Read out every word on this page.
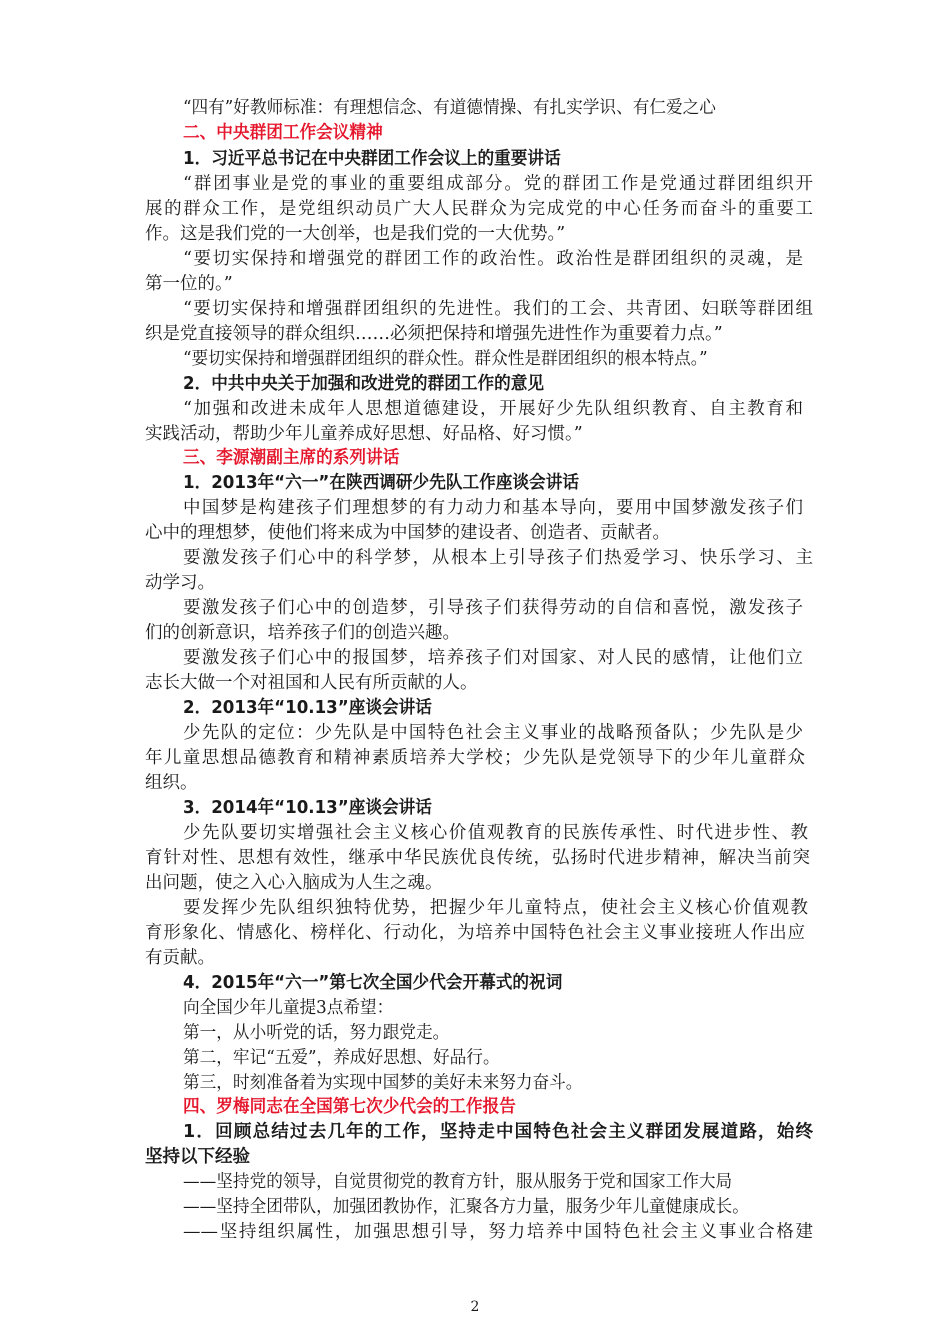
“四有”好教师标准：有理想信念、有道德情操、有扎实学识、有仁爱之心
二、中央群团工作会议精神
1．习近平总书记在中央群团工作会议上的重要讲话
“群团事业是党的事业的重要组成部分。党的群团工作是党通过群团组织开
展的群众工作，是党组织动员广大人民群众为完成党的中心任务而奋斗的重要工
作。这是我们党的一大创举，也是我们党的一大优势。”
“要切实保持和增强党的群团工作的政治性。政治性是群团组织的灵魂，是
第一位的。”
“要切实保持和增强群团组织的先进性。我们的工会、共青团、妇联等群团组
织是党直接领导的群众组织……必须把保持和增强先进性作为重要着力点。”
“要切实保持和增强群团组织的群众性。群众性是群团组织的根本特点。”
2．中共中央关于加强和改进党的群团工作的意见
“加强和改进未成年人思想道德建设，开展好少先队组织教育、自主教育和
实践活动，帮助少年儿童养成好思想、好品格、好习惯。”
三、李源潮副主席的系列讲话
1．2013年“六一”在陕西调研少先队工作座谈会讲话
中国梦是构建孩子们理想梦的有力动力和基本导向，要用中国梦激发孩子们
心中的理想梦，使他们将来成为中国梦的建设者、创造者、贡献者。
要激发孩子们心中的科学梦，从根本上引导孩子们热爱学习、快乐学习、主
动学习。
要激发孩子们心中的创造梦，引导孩子们获得劳动的自信和喜悦，激发孩子
们的创新意识，培养孩子们的创造兴趣。
要激发孩子们心中的报国梦，培养孩子们对国家、对人民的感情，让他们立
志长大做一个对祖国和人民有所贡献的人。
2．2013年“10.13”座谈会讲话
少先队的定位：少先队是中国特色社会主义事业的战略预备队；少先队是少
年儿童思想品德教育和精神素质培养大学校；少先队是党领导下的少年儿童群众
组织。
3．2014年“10.13”座谈会讲话
少先队要切实增强社会主义核心价值观教育的民族传承性、时代进步性、教
育针对性、思想有效性，继承中华民族优良传统，弘扬时代进步精神，解决当前突
出问题，使之入心入脑成为人生之魂。
要发挥少先队组织独特优势，把握少年儿童特点，使社会主义核心价值观教
育形象化、情感化、榜样化、行动化，为培养中国特色社会主义事业接班人作出应
有贡献。
4．2015年“六一”第七次全国少代会开幕式的祝词
向全国少年儿童提3点希望：
第一，从小听党的话，努力跟党走。
第二，牢记“五爱”，养成好思想、好品行。
第三，时刻准备着为实现中国梦的美好未来努力奋斗。
四、罗梅同志在全国第七次少代会的工作报告
1．回顾总结过去几年的工作，坚持走中国特色社会主义群团发展道路，始终
坚持以下经验
——坚持党的领导，自觉贯彻党的教育方针，服从服务于党和国家工作大局
——坚持全团带队，加强团教协作，汇聚各方力量，服务少年儿童健康成长。
——坚持组织属性，加强思想引导，努力培养中国特色社会主义事业合格建
2
